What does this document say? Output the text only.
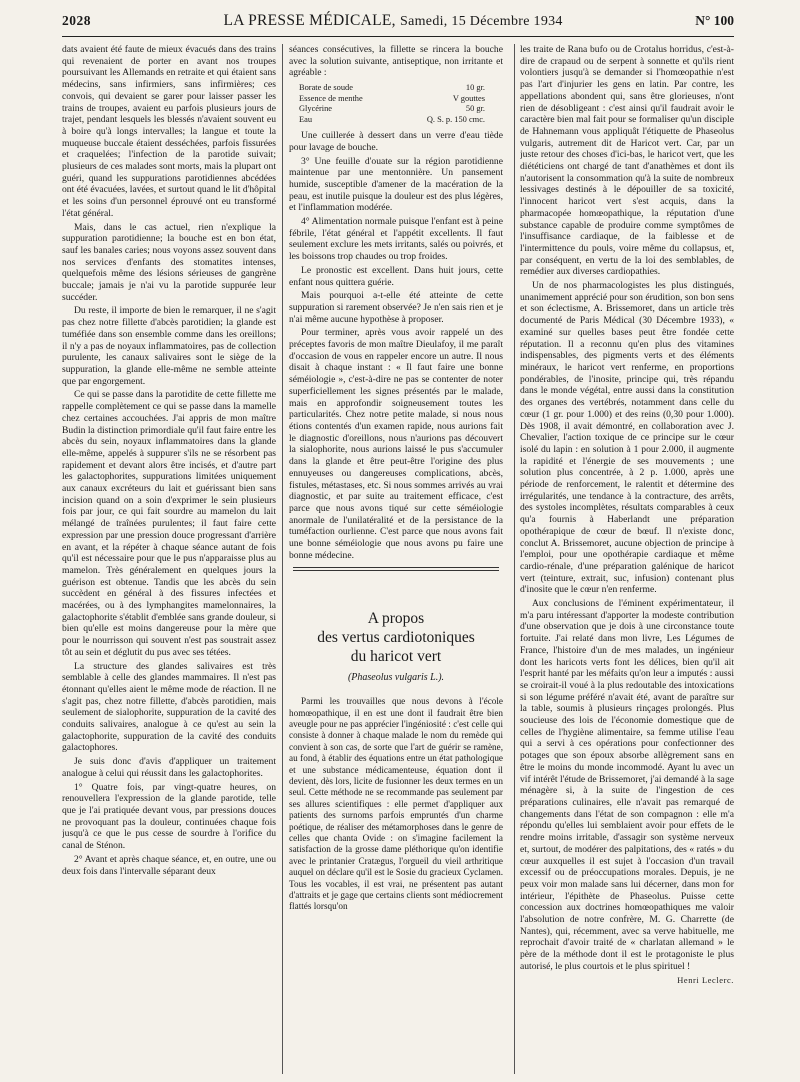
2028	LA PRESSE MÉDICALE, Samedi, 15 Décembre 1934	N° 100

dats avaient été faute de mieux évacués dans des trains qui revenaient de porter en avant nos troupes poursuivant les Allemands en retraite et qui étaient sans médecins, sans infirmiers, sans infirmières; ces convois, qui devaient se garer pour laisser passer les trains de troupes, avaient eu parfois plusieurs jours de trajet, pendant lesquels les blessés n'avaient souvent eu à boire qu'à longs intervalles; la langue et toute la muqueuse buccale étaient desséchées, parfois fissurées et craquelées; l'infection de la parotide suivait; plusieurs de ces malades sont morts, mais la plupart ont guéri, quand les suppurations parotidiennes abcédées ont été évacuées, lavées, et surtout quand le lit d'hôpital et les soins d'un personnel éprouvé ont eu transformé l'état général.

Mais, dans le cas actuel, rien n'explique la suppuration parotidienne; la bouche est en bon état, sauf les banales caries; nous voyons assez souvent dans nos services d'enfants des stomatites intenses, quelquefois même des lésions sérieuses de gangrène buccale; jamais je n'ai vu la parotide suppurée leur succéder.

Du reste, il importe de bien le remarquer, il ne s'agit pas chez notre fillette d'abcès parotidien; la glande est tuméfiée dans son ensemble comme dans les oreillons; il n'y a pas de noyaux inflammatoires, pas de collection purulente, les canaux salivaires sont le siège de la suppuration, la glande elle-même ne semble atteinte que par engorgement.

Ce qui se passe dans la parotidite de cette fillette me rappelle complètement ce qui se passe dans la mamelle chez certaines accouchées. J'ai appris de mon maître Budin la distinction primordiale qu'il faut faire entre les abcès du sein, noyaux inflammatoires dans la glande elle-même, appelés à suppurer s'ils ne se résorbent pas rapidement et devant alors être incisés, et d'autre part les galactophorites, suppurations limitées uniquement aux canaux excréteurs du lait et guérissant bien sans incision quand on a soin d'exprimer le sein plusieurs fois par jour, ce qui fait sourdre au mamelon du lait mélangé de traînées purulentes; il faut faire cette expression par une pression douce progressant d'arrière en avant, et la répéter à chaque séance autant de fois qu'il est nécessaire pour que le pus n'apparaisse plus au mamelon. Très généralement en quelques jours la guérison est obtenue. Tandis que les abcès du sein succèdent en général à des fissures infectées et macérées, ou à des lymphangites mamelonnaires, la galactophorite s'établit d'emblée sans grande douleur, si bien qu'elle est moins dangereuse pour la mère que pour le nourrisson qui souvent n'est pas soustrait assez tôt au sein et déglutit du pus avec ses tétées.

La structure des glandes salivaires est très semblable à celle des glandes mammaires. Il n'est pas étonnant qu'elles aient le même mode de réaction. Il ne s'agit pas, chez notre fillette, d'abcès parotidien, mais seulement de sialophorite, suppuration de la cavité des conduits salivaires, analogue à ce qu'est au sein la galactophorite, suppuration de la cavité des conduits galactophores.

Je suis donc d'avis d'appliquer un traitement analogue à celui qui réussit dans les galactophorites.

1° Quatre fois, par vingt-quatre heures, on renouvellera l'expression de la glande parotide, telle que je l'ai pratiquée devant vous, par pressions douces ne provoquant pas la douleur, continuées chaque fois jusqu'à ce que le pus cesse de sourdre à l'orifice du canal de Sténon.

2° Avant et après chaque séance, et, en outre, une ou deux fois dans l'intervalle séparant deux

séances consécutives, la fillette se rincera la bouche avec la solution suivante, antiseptique, non irritante et agréable :

Borate de soude	10 gr.
Essence de menthe	V gouttes
Glycérine	50 gr.
Eau	Q. S. p. 150 cmc.

Une cuillerée à dessert dans un verre d'eau tiède pour lavage de bouche.

3° Une feuille d'ouate sur la région parotidienne maintenue par une mentonnière. Un pansement humide, susceptible d'amener de la macération de la peau, est inutile puisque la douleur est des plus légères, et l'inflammation modérée.

4° Alimentation normale puisque l'enfant est à peine fébrile, l'état général et l'appétit excellents. Il faut seulement exclure les mets irritants, salés ou poivrés, et les boissons trop chaudes ou trop froides.

Le pronostic est excellent. Dans huit jours, cette enfant nous quittera guérie.

Mais pourquoi a-t-elle été atteinte de cette suppuration si rarement observée? Je n'en sais rien et je n'ai même aucune hypothèse à proposer.

Pour terminer, après vous avoir rappelé un des préceptes favoris de mon maître Dieulafoy, il me paraît d'occasion de vous en rappeler encore un autre. Il nous disait à chaque instant : « Il faut faire une bonne séméiologie », c'est-à-dire ne pas se contenter de noter superficiellement les signes présentés par le malade, mais en approfondir soigneusement toutes les particularités. Chez notre petite malade, si nous nous étions contentés d'un examen rapide, nous aurions fait le diagnostic d'oreillons, nous n'aurions pas découvert la sialophorite, nous aurions laissé le pus s'accumuler dans la glande et être peut-être l'origine des plus ennuyeuses ou dangereuses complications, abcès, fistules, métastases, etc. Si nous sommes arrivés au vrai diagnostic, et par suite au traitement efficace, c'est parce que nous avons tiqué sur cette séméiologie anormale de l'unilatéralité et de la persistance de la tuméfaction ourlienne. C'est parce que nous avons fait une bonne séméiologie que nous avons pu faire une bonne médecine.

A propos
des vertus cardiotoniques
du haricot vert
(Phaseolus vulgaris L.).

Parmi les trouvailles que nous devons à l'école homœopathique, il en est une dont il faudrait être bien aveugle pour ne pas apprécier l'ingéniosité : c'est celle qui consiste à donner à chaque malade le nom du remède qui convient à son cas, de sorte que l'art de guérir se ramène, au fond, à établir des équations entre un état pathologique et une substance médicamenteuse, équation dont il devient, dès lors, licite de fusionner les deux termes en un seul. Cette méthode ne se recommande pas seulement par ses allures scientifiques : elle permet d'appliquer aux patients des surnoms parfois empruntés d'un charme poétique, de réaliser des métamorphoses dans le genre de celles que chanta Ovide : on s'imagine facilement la satisfaction de la grosse dame pléthorique qu'on identifie avec le printanier Cratægus, l'orgueil du vieil arthritique auquel on déclare qu'il est le Sosie du gracieux Cyclamen. Tous les vocables, il est vrai, ne présentent pas autant d'attraits et je gage que certains clients sont médiocrement flattés lorsqu'on

les traite de Rana bufo ou de Crotalus horridus, c'est-à-dire de crapaud ou de serpent à sonnette et qu'ils rient volontiers jusqu'à se demander si l'homœopathie n'est pas l'art d'injurier les gens en latin. Par contre, les appellations abondent qui, sans être glorieuses, n'ont rien de désobligeant : c'est ainsi qu'il faudrait avoir le caractère bien mal fait pour se formaliser qu'un disciple de Hahnemann vous appliquât l'étiquette de Phaseolus vulgaris, autrement dit de Haricot vert. Car, par un juste retour des choses d'ici-bas, le haricot vert, que les diététiciens ont chargé de tant d'anathèmes et dont ils n'autorisent la consommation qu'à la suite de nombreux lessivages destinés à le dépouiller de sa toxicité, l'innocent haricot vert s'est acquis, dans la pharmacopée homœopathique, la réputation d'une substance capable de produire comme symptômes de l'insuffisance cardiaque, de la faiblesse et de l'intermittence du pouls, voire même du collapsus, et, par conséquent, en vertu de la loi des semblables, de remédier aux diverses cardiopathies.

Un de nos pharmacologistes les plus distingués, unanimement apprécié pour son érudition, son bon sens et son éclectisme, A. Brissemoret, dans un article très documenté de Paris Médical (30 Décembre 1933), « examiné sur quelles bases peut être fondée cette réputation. Il a reconnu qu'en plus des vitamines indispensables, des pigments verts et des éléments minéraux, le haricot vert renferme, en proportions pondérables, de l'inosite, principe qui, très répandu dans le monde végétal, entre aussi dans la constitution des organes des vertébrés, notamment dans celle du cœur (1 gr. pour 1.000) et des reins (0,30 pour 1.000). Dès 1908, il avait démontré, en collaboration avec J. Chevalier, l'action toxique de ce principe sur le cœur isolé du lapin : en solution à 1 pour 2.000, il augmente la rapidité et l'énergie de ses mouvements ; une solution plus concentrée, à 2 p. 1.000, après une période de renforcement, le ralentit et détermine des irrégularités, une tendance à la contracture, des arrêts, des systoles incomplètes, résultats comparables à ceux qu'a fournis à Haberlandt une préparation opothérapique de cœur de bœuf. Il n'existe donc, conclut A. Brissemoret, aucune objection de principe à l'emploi, pour une opothérapie cardiaque et même cardio-rénale, d'une préparation galénique de haricot vert (teinture, extrait, suc, infusion) contenant plus d'inosite que le cœur n'en renferme.

Aux conclusions de l'éminent expérimentateur, il m'a paru intéressant d'apporter la modeste contribution d'une observation que je dois à une circonstance toute fortuite. J'ai relaté dans mon livre, Les Légumes de France, l'histoire d'un de mes malades, un ingénieur dont les haricots verts font les délices, bien qu'il ait l'esprit hanté par les méfaits qu'on leur a imputés : aussi se croirait-il voué à la plus redoutable des intoxications si son légume préféré n'avait été, avant de paraître sur la table, soumis à plusieurs rinçages prolongés. Plus soucieuse des lois de l'économie domestique que de celles de l'hygiène alimentaire, sa femme utilise l'eau qui a servi à ces opérations pour confectionner des potages que son époux absorbe allègrement sans en être le moins du monde incommodé. Ayant lu avec un vif intérêt l'étude de Brissemoret, j'ai demandé à la sage ménagère si, à la suite de l'ingestion de ces préparations culinaires, elle n'avait pas remarqué de changements dans l'état de son compagnon : elle m'a répondu qu'elles lui semblaient avoir pour effets de le rendre moins irritable, d'assagir son système nerveux et, surtout, de modérer des palpitations, des « ratés » du cœur auxquelles il est sujet à l'occasion d'un travail excessif ou de préoccupations morales. Depuis, je ne peux voir mon malade sans lui décerner, dans mon for intérieur, l'épithète de Phaseolus. Puisse cette concession aux doctrines homœopathiques me valoir l'absolution de notre confrère, M. G. Charrette (de Nantes), qui, récemment, avec sa verve habituelle, me reprochait d'avoir traité de « charlatan allemand » le père de la méthode dont il est le protagoniste le plus autorisé, le plus courtois et le plus spirituel !

Henri Leclerc.
